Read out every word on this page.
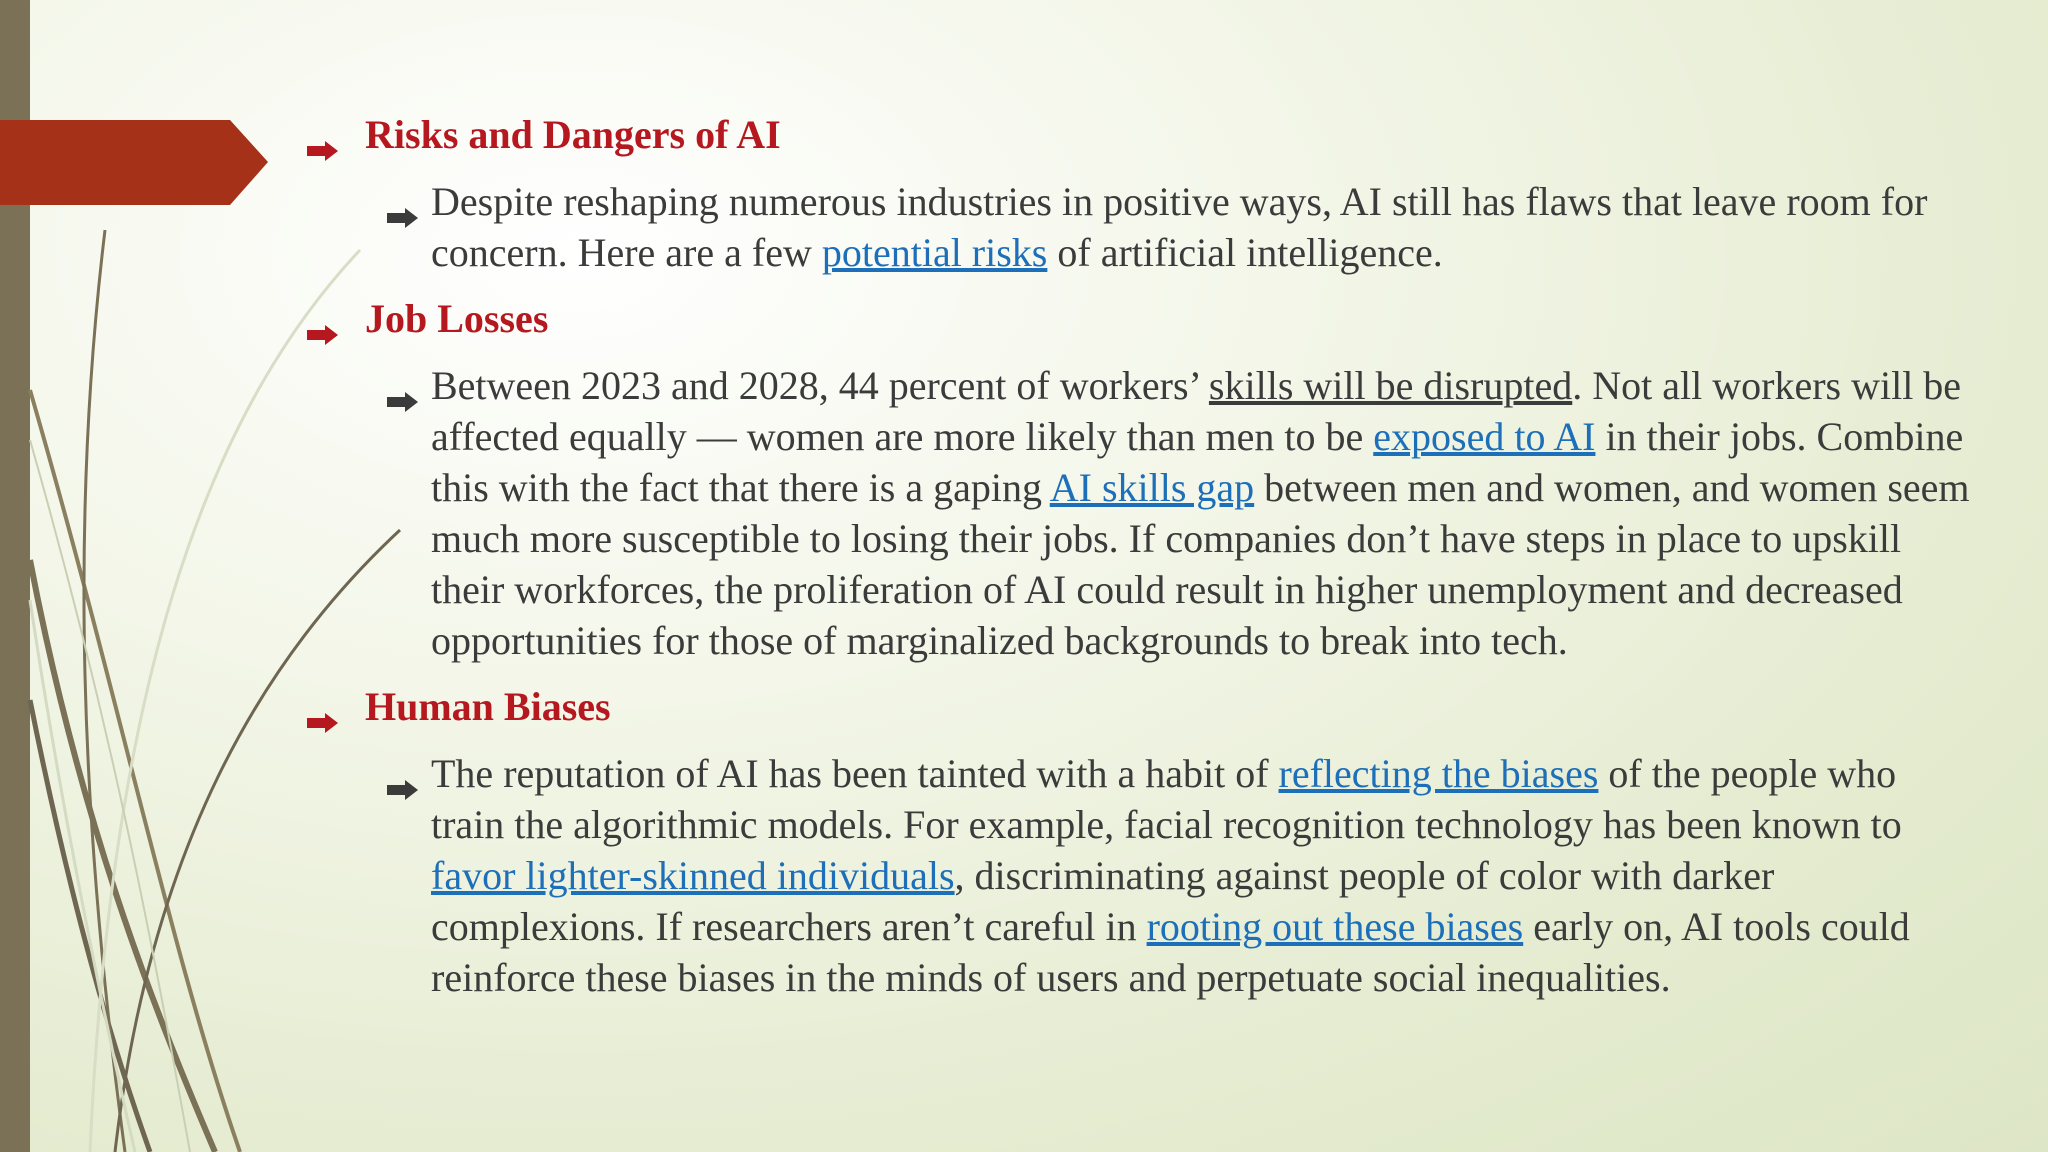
Risks and Dangers of AI
Despite reshaping numerous industries in positive ways, AI still has flaws that leave room for concern. Here are a few potential risks of artificial intelligence.
Job Losses
Between 2023 and 2028, 44 percent of workers’ skills will be disrupted. Not all workers will be affected equally — women are more likely than men to be exposed to AI in their jobs. Combine this with the fact that there is a gaping AI skills gap between men and women, and women seem much more susceptible to losing their jobs. If companies don’t have steps in place to upskill their workforces, the proliferation of AI could result in higher unemployment and decreased opportunities for those of marginalized backgrounds to break into tech.
Human Biases
The reputation of AI has been tainted with a habit of reflecting the biases of the people who train the algorithmic models. For example, facial recognition technology has been known to favor lighter-skinned individuals, discriminating against people of color with darker complexions. If researchers aren’t careful in rooting out these biases early on, AI tools could reinforce these biases in the minds of users and perpetuate social inequalities.
